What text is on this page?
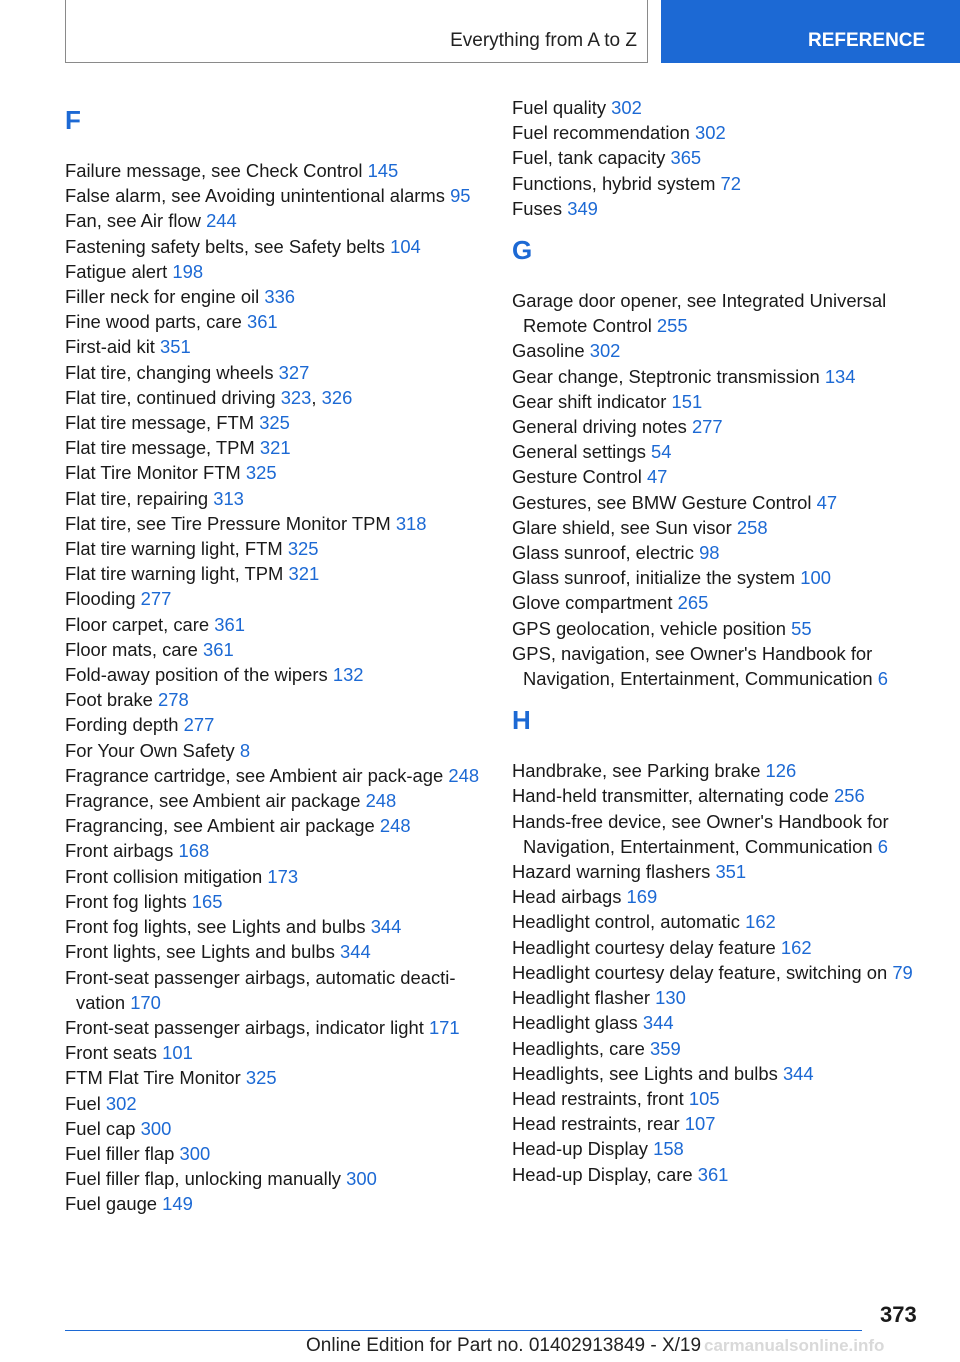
Everything from A to Z	REFERENCE
F
Failure message, see Check Control 145
False alarm, see Avoiding unintentional alarms 95
Fan, see Air flow 244
Fastening safety belts, see Safety belts 104
Fatigue alert 198
Filler neck for engine oil 336
Fine wood parts, care 361
First-aid kit 351
Flat tire, changing wheels 327
Flat tire, continued driving 323, 326
Flat tire message, FTM 325
Flat tire message, TPM 321
Flat Tire Monitor FTM 325
Flat tire, repairing 313
Flat tire, see Tire Pressure Monitor TPM 318
Flat tire warning light, FTM 325
Flat tire warning light, TPM 321
Flooding 277
Floor carpet, care 361
Floor mats, care 361
Fold-away position of the wipers 132
Foot brake 278
Fording depth 277
For Your Own Safety 8
Fragrance cartridge, see Ambient air pack-age 248
Fragrance, see Ambient air package 248
Fragrancing, see Ambient air package 248
Front airbags 168
Front collision mitigation 173
Front fog lights 165
Front fog lights, see Lights and bulbs 344
Front lights, see Lights and bulbs 344
Front-seat passenger airbags, automatic deacti-vation 170
Front-seat passenger airbags, indicator light 171
Front seats 101
FTM Flat Tire Monitor 325
Fuel 302
Fuel cap 300
Fuel filler flap 300
Fuel filler flap, unlocking manually 300
Fuel gauge 149
Fuel quality 302
Fuel recommendation 302
Fuel, tank capacity 365
Functions, hybrid system 72
Fuses 349
G
Garage door opener, see Integrated Universal Remote Control 255
Gasoline 302
Gear change, Steptronic transmission 134
Gear shift indicator 151
General driving notes 277
General settings 54
Gesture Control 47
Gestures, see BMW Gesture Control 47
Glare shield, see Sun visor 258
Glass sunroof, electric 98
Glass sunroof, initialize the system 100
Glove compartment 265
GPS geolocation, vehicle position 55
GPS, navigation, see Owner's Handbook for Navigation, Entertainment, Communication 6
H
Handbrake, see Parking brake 126
Hand-held transmitter, alternating code 256
Hands-free device, see Owner's Handbook for Navigation, Entertainment, Communication 6
Hazard warning flashers 351
Head airbags 169
Headlight control, automatic 162
Headlight courtesy delay feature 162
Headlight courtesy delay feature, switching on 79
Headlight flasher 130
Headlight glass 344
Headlights, care 359
Headlights, see Lights and bulbs 344
Head restraints, front 105
Head restraints, rear 107
Head-up Display 158
Head-up Display, care 361
373
Online Edition for Part no. 01402913849 - X/19 carmanualsonline.info
